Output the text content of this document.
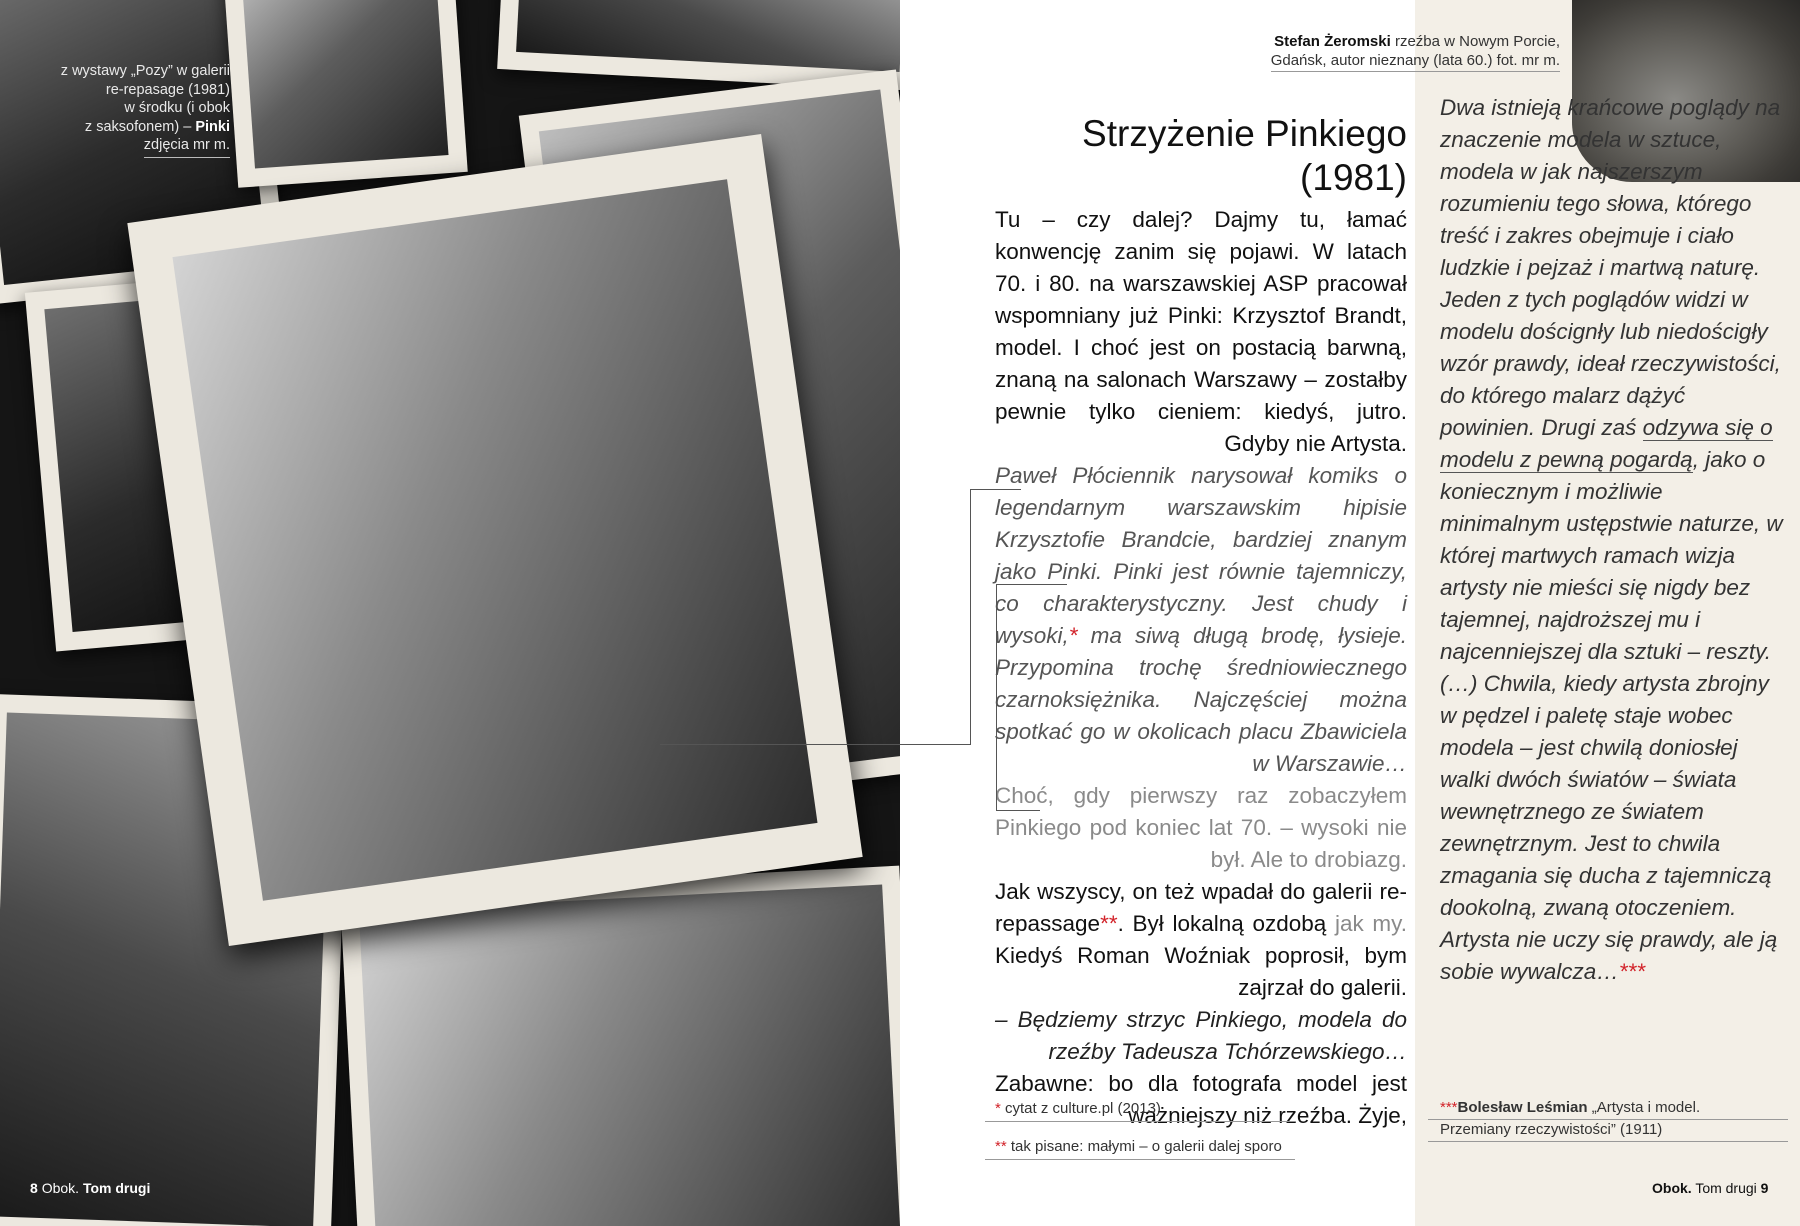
z wystawy „Pozy” w galerii
re-repasage (1981)
w środku (i obok
z saksofonem) – Pinki
zdjęcia mr m.
8 Obok. Tom drugi
Stefan Żeromski rzeźba w Nowym Porcie,
Gdańsk, autor nieznany (lata 60.) fot. mr m.
Strzyżenie Pinkiego (1981)

Tu – czy dalej? Dajmy tu, łamać konwencję zanim się pojawi. W latach 70. i 80. na warszawskiej ASP pracował wspomniany już Pinki: Krzysztof Brandt, model. I choć jest on postacią barwną, znaną na salonach Warszawy – zostałby pewnie tylko cieniem: kiedyś, jutro. Gdyby nie Artysta.

Paweł Płóciennik narysował komiks o legendarnym warszawskim hipisie Krzysztofie Brandcie, bardziej znanym jako Pinki. Pinki jest równie tajemniczy, co charakterystyczny. Jest chudy i wysoki,* ma siwą długą brodę, łysieje. Przypomina trochę średniowiecznego czarnoksiężnika. Najczęściej można spotkać go w okolicach placu Zbawiciela w Warszawie…

Choć, gdy pierwszy raz zobaczyłem Pinkiego pod koniec lat 70. – wysoki nie był. Ale to drobiazg.

Jak wszyscy, on też wpadał do galerii re-repassage**. Był lokalną ozdobą jak my. Kiedyś Roman Woźniak poprosił, bym zajrzał do galerii.

– Będziemy strzyc Pinkiego, modela do rzeźby Tadeusza Tchórzewskiego…

Zabawne: bo dla fotografa model jest ważniejszy niż rzeźba. Żyje,

* cytat z culture.pl (2013)
** tak pisane: małymi – o galerii dalej sporo

Dwa istnieją krańcowe poglądy na znaczenie modela w sztuce, modela w jak najszerszym rozumieniu tego słowa, którego treść i zakres obejmuje i ciało ludzkie i pejzaż i martwą naturę. Jeden z tych poglądów widzi w modelu doścignły lub niedościgły wzór prawdy, ideał rzeczywistości, do którego malarz dążyć powinien. Drugi zaś odzywa się o modelu z pewną pogardą, jako o koniecznym i możliwie minimalnym ustępstwie naturze, w której martwych ramach wizja artysty nie mieści się nigdy bez tajemnej, najdroższej mu i najcenniejszej dla sztuki – reszty. (…) Chwila, kiedy artysta zbrojny w pędzel i paletę staje wobec modela – jest chwilą doniosłej walki dwóch światów – świata wewnętrznego ze światem zewnętrznym. Jest to chwila zmagania się ducha z tajemniczą dookolną, zwaną otoczeniem. Artysta nie uczy się prawdy, ale ją sobie wywalcza…***

***Bolesław Leśmian „Artysta i model.
Przemiany rzeczywistości” (1911)
Obok. Tom drugi 9
